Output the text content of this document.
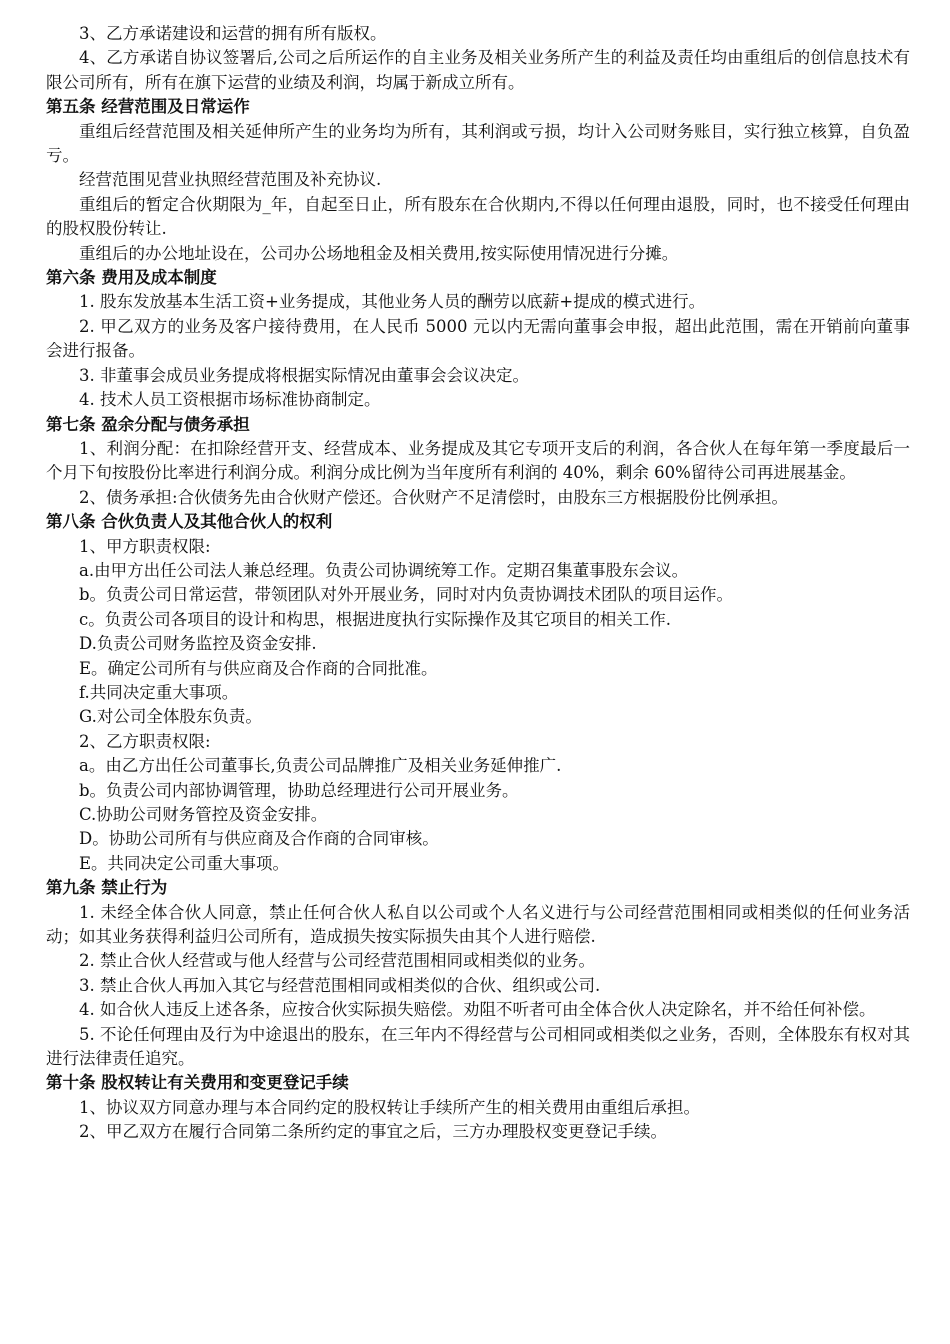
3、乙方承诺建设和运营的拥有所有版权。
4、乙方承诺自协议签署后,公司之后所运作的自主业务及相关业务所产生的利益及责任均由重组后的创信息技术有限公司所有，所有在旗下运营的业绩及利润，均属于新成立所有。
第五条 经营范围及日常运作
重组后经营范围及相关延伸所产生的业务均为所有，其利润或亏损，均计入公司财务账目，实行独立核算，自负盈亏。
经营范围见营业执照经营范围及补充协议.
重组后的暂定合伙期限为_年，自起至日止，所有股东在合伙期内,不得以任何理由退股，同时，也不接受任何理由的股权股份转让.
重组后的办公地址设在，公司办公场地租金及相关费用,按实际使用情况进行分摊。
第六条 费用及成本制度
1. 股东发放基本生活工资+业务提成，其他业务人员的酬劳以底薪+提成的模式进行。
2. 甲乙双方的业务及客户接待费用，在人民币 5000 元以内无需向董事会申报，超出此范围，需在开销前向董事会进行报备。
3. 非董事会成员业务提成将根据实际情况由董事会会议决定。
4. 技术人员工资根据市场标准协商制定。
第七条 盈余分配与债务承担
1、利润分配：在扣除经营开支、经营成本、业务提成及其它专项开支后的利润，各合伙人在每年第一季度最后一个月下旬按股份比率进行利润分成。利润分成比例为当年度所有利润的 40%，剩余 60%留待公司再进展基金。
2、债务承担:合伙债务先由合伙财产偿还。合伙财产不足清偿时，由股东三方根据股份比例承担。
第八条 合伙负责人及其他合伙人的权利
1、甲方职责权限:
a.由甲方出任公司法人兼总经理。负责公司协调统筹工作。定期召集董事股东会议。
b。负责公司日常运营，带领团队对外开展业务，同时对内负责协调技术团队的项目运作。
c。负责公司各项目的设计和构思，根据进度执行实际操作及其它项目的相关工作.
D.负责公司财务监控及资金安排.
E。确定公司所有与供应商及合作商的合同批准。
f.共同决定重大事项。
G.对公司全体股东负责。
2、乙方职责权限:
a。由乙方出任公司董事长,负责公司品牌推广及相关业务延伸推广.
b。负责公司内部协调管理，协助总经理进行公司开展业务。
C.协助公司财务管控及资金安排。
D。协助公司所有与供应商及合作商的合同审核。
E。共同决定公司重大事项。
第九条 禁止行为
1. 未经全体合伙人同意，禁止任何合伙人私自以公司或个人名义进行与公司经营范围相同或相类似的任何业务活动；如其业务获得利益归公司所有，造成损失按实际损失由其个人进行赔偿.
2. 禁止合伙人经营或与他人经营与公司经营范围相同或相类似的业务。
3. 禁止合伙人再加入其它与经营范围相同或相类似的合伙、组织或公司.
4. 如合伙人违反上述各条，应按合伙实际损失赔偿。劝阻不听者可由全体合伙人决定除名，并不给任何补偿。
5. 不论任何理由及行为中途退出的股东，在三年内不得经营与公司相同或相类似之业务，否则，全体股东有权对其进行法律责任追究。
第十条 股权转让有关费用和变更登记手续
1、协议双方同意办理与本合同约定的股权转让手续所产生的相关费用由重组后承担。
2、甲乙双方在履行合同第二条所约定的事宜之后，三方办理股权变更登记手续。
